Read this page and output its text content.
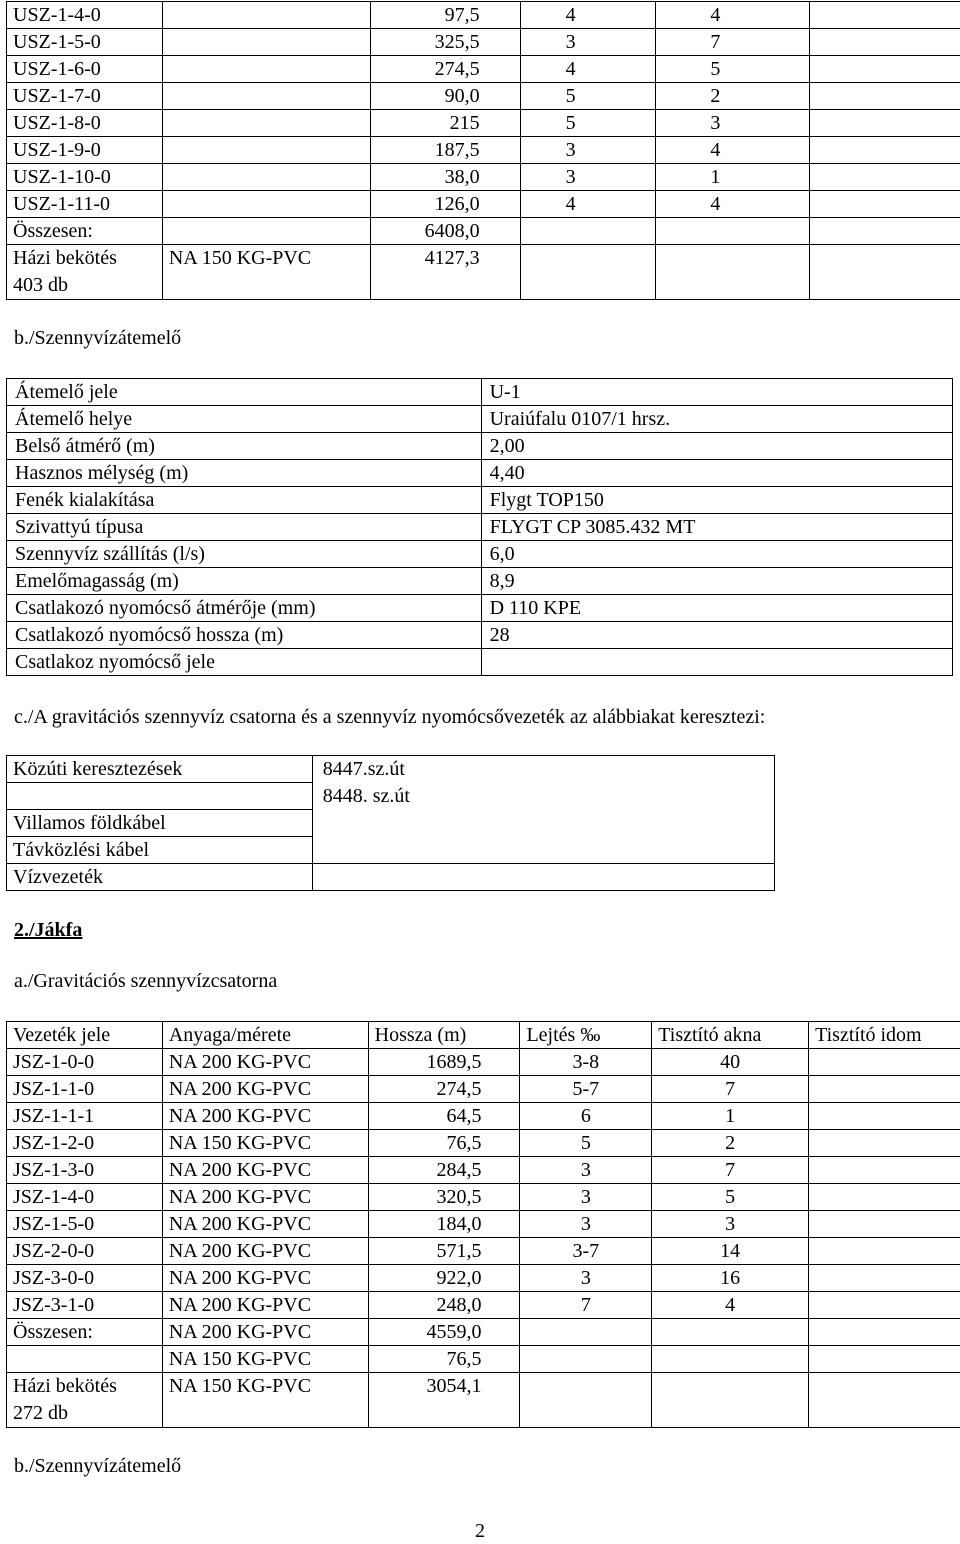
USZ-1-4-0		97,5	4	4	
USZ-1-5-0		325,5	3	7	
USZ-1-6-0		274,5	4	5	
USZ-1-7-0		90,0	5	2	
USZ-1-8-0		215	5	3	
USZ-1-9-0		187,5	3	4	
USZ-1-10-0		38,0	3	1	
USZ-1-11-0		126,0	4	4	
Összesen:		6408,0			

Házi bekötés
403 db	NA 150 KG-PVC	4127,3			
b./Szennyvízátemelő
Átemelő jele	U-1
Átemelő helye	Uraiúfalu 0107/1 hrsz.
Belső átmérő (m)	2,00
Hasznos mélység (m)	4,40
Fenék kialakítása	Flygt TOP150
Szivattyú típusa	FLYGT CP 3085.432 MT
Szennyvíz szállítás (l/s)	6,0
Emelőmagasság (m)	8,9
Csatlakozó nyomócső átmérője (mm)	D 110 KPE
Csatlakozó nyomócső hossza (m)	28
Csatlakoz nyomócső jele	
c./A gravitációs szennyvíz csatorna és a szennyvíz nyomócsővezeték az alábbiakat keresztezi:
Közúti keresztezések	8447.sz.út
	8448. sz.út
Villamos földkábel	
Távközlési kábel	
Vízvezeték	
2./Jákfa
a./Gravitációs szennyvízcsatorna
Vezeték jele	Anyaga/mérete	Hossza (m)	Lejtés ‰	Tisztító akna	Tisztító idom
JSZ-1-0-0	NA 200 KG-PVC	1689,5	3-8	40	
JSZ-1-1-0	NA 200 KG-PVC	274,5	5-7	7	
JSZ-1-1-1	NA 200 KG-PVC	64,5	6	1	
JSZ-1-2-0	NA 150 KG-PVC	76,5	5	2	
JSZ-1-3-0	NA 200 KG-PVC	284,5	3	7	
JSZ-1-4-0	NA 200 KG-PVC	320,5	3	5	
JSZ-1-5-0	NA 200 KG-PVC	184,0	3	3	
JSZ-2-0-0	NA 200 KG-PVC	571,5	3-7	14	
JSZ-3-0-0	NA 200 KG-PVC	922,0	3	16	
JSZ-3-1-0	NA 200 KG-PVC	248,0	7	4	
Összesen:	NA 200 KG-PVC	4559,0			
	NA 150 KG-PVC	76,5			

Házi bekötés
272 db	NA 150 KG-PVC	3054,1			
b./Szennyvízátemelő
2
